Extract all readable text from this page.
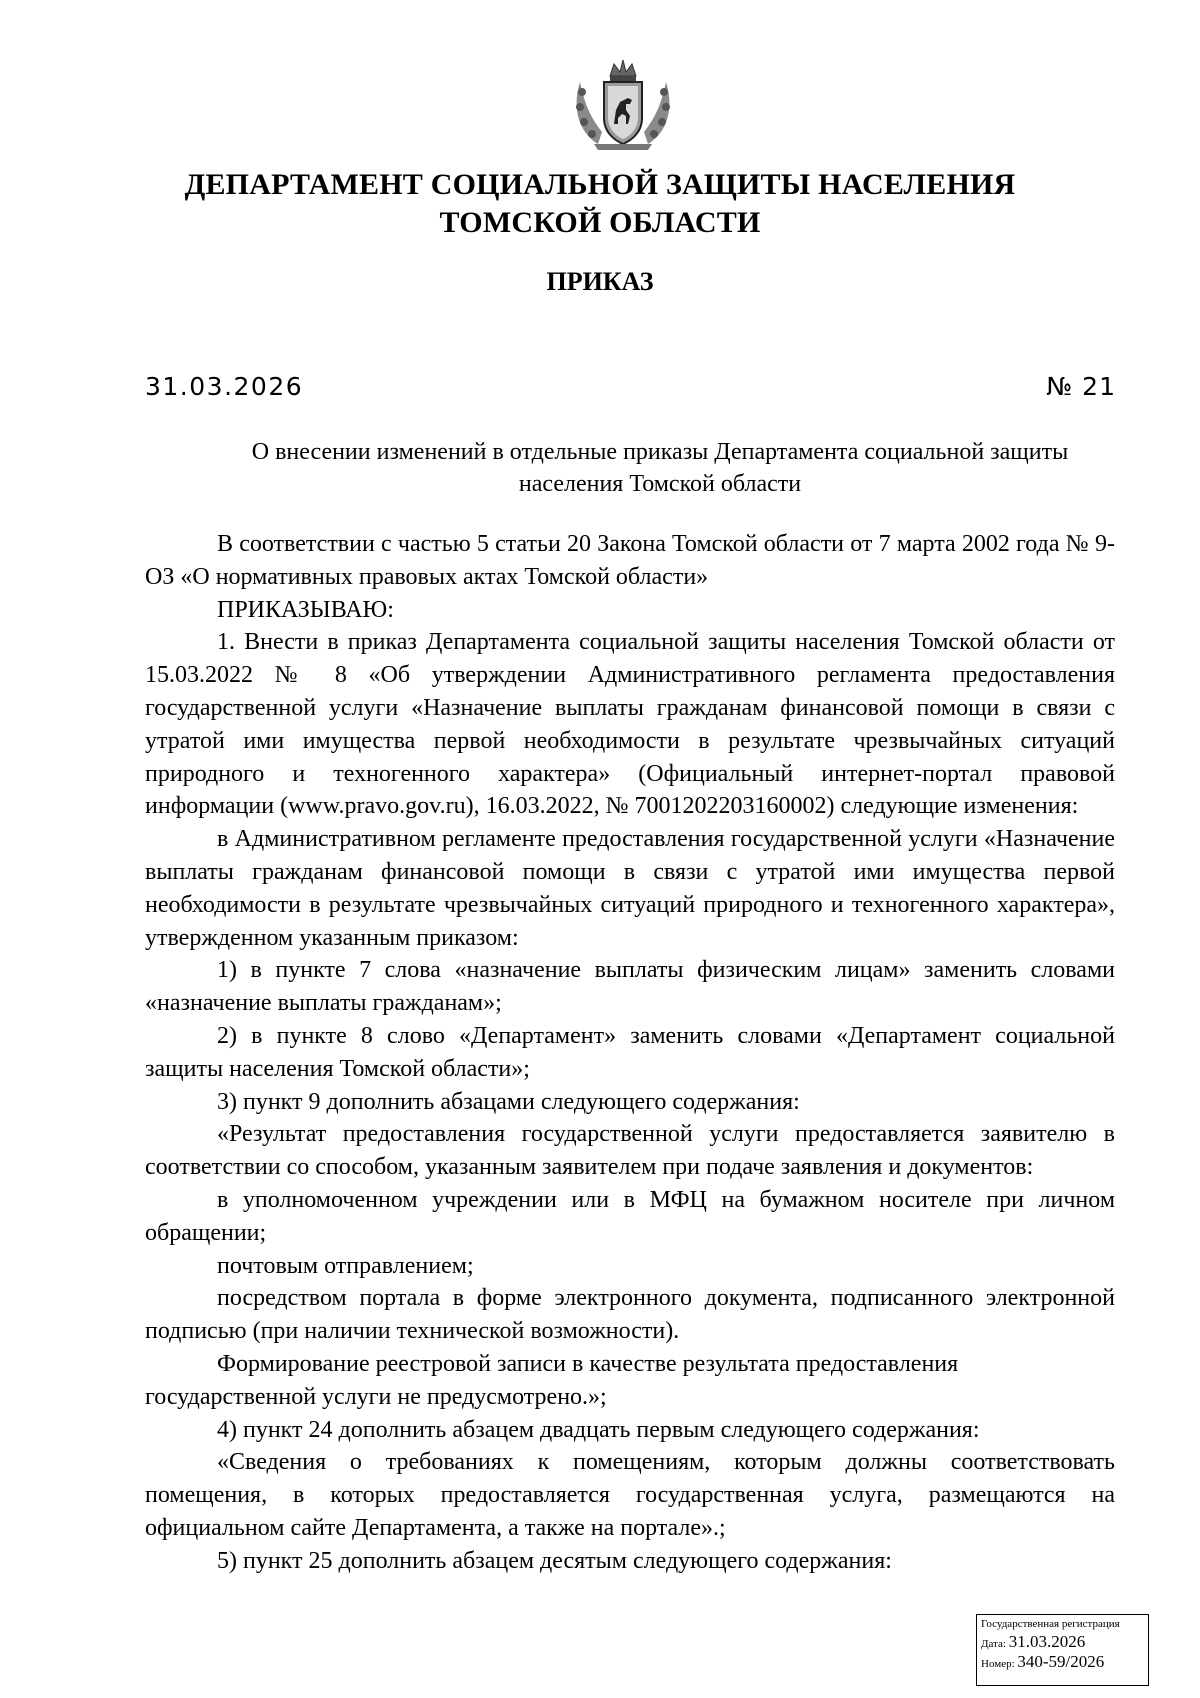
ДЕПАРТАМЕНТ СОЦИАЛЬНОЙ ЗАЩИТЫ НАСЕЛЕНИЯ
ТОМСКОЙ ОБЛАСТИ
ПРИКАЗ
31.03.2026	№ 21
О внесении изменений в отдельные приказы Департамента социальной защиты
населения Томской области

В соответствии с частью 5 статьи 20 Закона Томской области от 7 марта 2002 года № 9-ОЗ «О нормативных правовых актах Томской области»

ПРИКАЗЫВАЮ:

1. Внести в приказ Департамента социальной защиты населения Томской области от 15.03.2022 № 8 «Об утверждении Административного регламента предоставления государственной услуги «Назначение выплаты гражданам финансовой помощи в связи с утратой ими имущества первой необходимости в результате чрезвычайных ситуаций природного и техногенного характера» (Официальный интернет-портал правовой информации (www.pravo.gov.ru), 16.03.2022, № 7001202203160002) следующие изменения:

в Административном регламенте предоставления государственной услуги «Назначение выплаты гражданам финансовой помощи в связи с утратой ими имущества первой необходимости в результате чрезвычайных ситуаций природного и техногенного характера», утвержденном указанным приказом:

1) в пункте 7 слова «назначение выплаты физическим лицам» заменить словами «назначение выплаты гражданам»;

2) в пункте 8 слово «Департамент» заменить словами «Департамент социальной защиты населения Томской области»;

3) пункт 9 дополнить абзацами следующего содержания:

«Результат предоставления государственной услуги предоставляется заявителю в соответствии со способом, указанным заявителем при подаче заявления и документов:

в уполномоченном учреждении или в МФЦ на бумажном носителе при личном обращении;

почтовым отправлением;

посредством портала в форме электронного документа, подписанного электронной подписью (при наличии технической возможности).

Формирование реестровой записи в качестве результата предоставления государственной услуги не предусмотрено.»;

4) пункт 24 дополнить абзацем двадцать первым следующего содержания:

«Сведения о требованиях к помещениям, которым должны соответствовать помещения, в которых предоставляется государственная услуга, размещаются на официальном сайте Департамента, а также на портале».;

5) пункт 25 дополнить абзацем десятым следующего содержания:

Государственная регистрация
Дата: 31.03.2026
Номер: 340-59/2026
